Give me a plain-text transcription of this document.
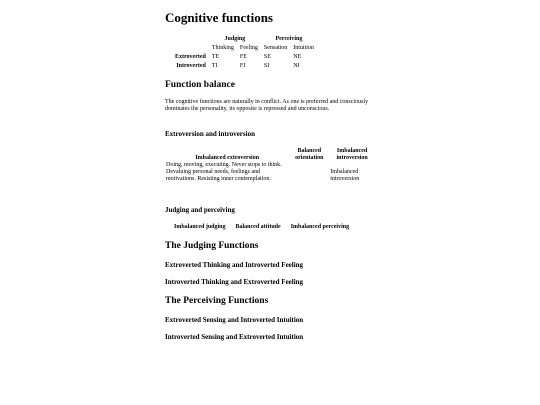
Cognitive functions
	Judging		Perceiving	
	Thinking	Feeling	Sensation	Intuition
Extroverted	TE	FE	SE	NE
Introverted	TI	FI	SI	NI
Function balance

The cognitive functions are naturally in conflict. As one is preferred and consciously dominates the personality, its opposite is repressed and unconscious.

Extroversion and introversion
Imbalanced extroversion	Balanced orientation	Imbalanced introversion
Doing, moving, executing. Never stops to think. Devaluing personal needs, feelings and motivations. Resisting inner contemplation.		Imbalanced introversion
Judging and perceiving
Imbalanced judging	Balanced attitude	Imbalanced perceiving
The Judging Functions
Extroverted Thinking and Introverted Feeling
Introverted Thinking and Extroverted Feeling
The Perceiving Functions
Extroverted Sensing and Introverted Intuition
Introverted Sensing and Extroverted Intuition
